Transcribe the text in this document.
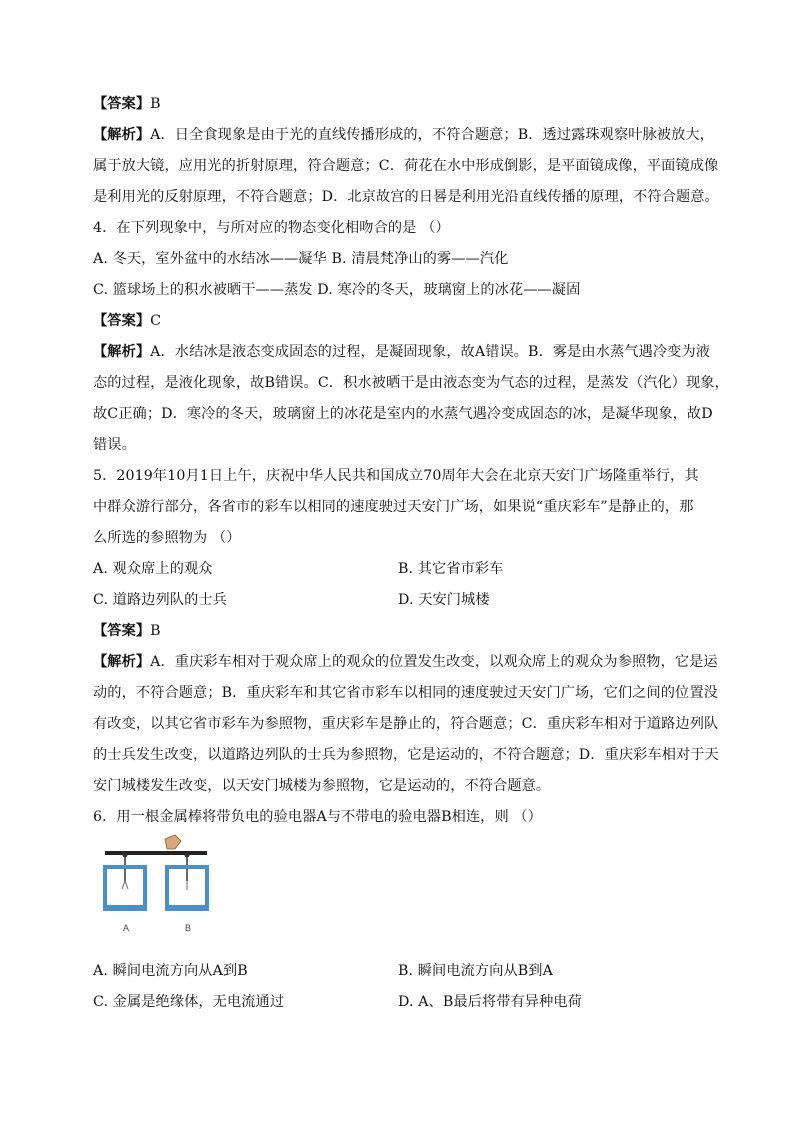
【答案】B

【解析】A．日全食现象是由于光的直线传播形成的，不符合题意；B．透过露珠观察叶脉被放大，

属于放大镜，应用光的折射原理，符合题意；C．荷花在水中形成倒影，是平面镜成像，平面镜成像

是利用光的反射原理，不符合题意；D．北京故宫的日晷是利用光沿直线传播的原理，不符合题意。

4．在下列现象中，与所对应的物态变化相吻合的是 （）

A. 冬天，室外盆中的水结冰——凝华 B. 清晨梵净山的雾——汽化

C. 篮球场上的积水被晒干——蒸发 D. 寒冷的冬天，玻璃窗上的冰花——凝固

【答案】C

【解析】A．水结冰是液态变成固态的过程，是凝固现象，故A错误。B．雾是由水蒸气遇冷变为液

态的过程，是液化现象，故B错误。C．积水被晒干是由液态变为气态的过程，是蒸发（汽化）现象，

故C正确；D．寒冷的冬天，玻璃窗上的冰花是室内的水蒸气遇冷变成固态的冰，是凝华现象，故D

错误。

5．2019年10月1日上午，庆祝中华人民共和国成立70周年大会在北京天安门广场隆重举行，其

中群众游行部分，各省市的彩车以相同的速度驶过天安门广场，如果说“重庆彩车”是静止的，那

么所选的参照物为 （）

A. 观众席上的观众	B. 其它省市彩车
C. 道路边列队的士兵	D. 天安门城楼

【答案】B

【解析】A．重庆彩车相对于观众席上的观众的位置发生改变，以观众席上的观众为参照物，它是运

动的，不符合题意；B．重庆彩车和其它省市彩车以相同的速度驶过天安门广场，它们之间的位置没

有改变，以其它省市彩车为参照物，重庆彩车是静止的，符合题意；C．重庆彩车相对于道路边列队

的士兵发生改变，以道路边列队的士兵为参照物，它是运动的，不符合题意；D．重庆彩车相对于天

安门城楼发生改变，以天安门城楼为参照物，它是运动的，不符合题意。

6．用一根金属棒将带负电的验电器A与不带电的验电器B相连，则 （）

A	B
A. 瞬间电流方向从A到B	B. 瞬间电流方向从B到A
C. 金属是绝缘体，无电流通过	D. A、B最后将带有异种电荷
